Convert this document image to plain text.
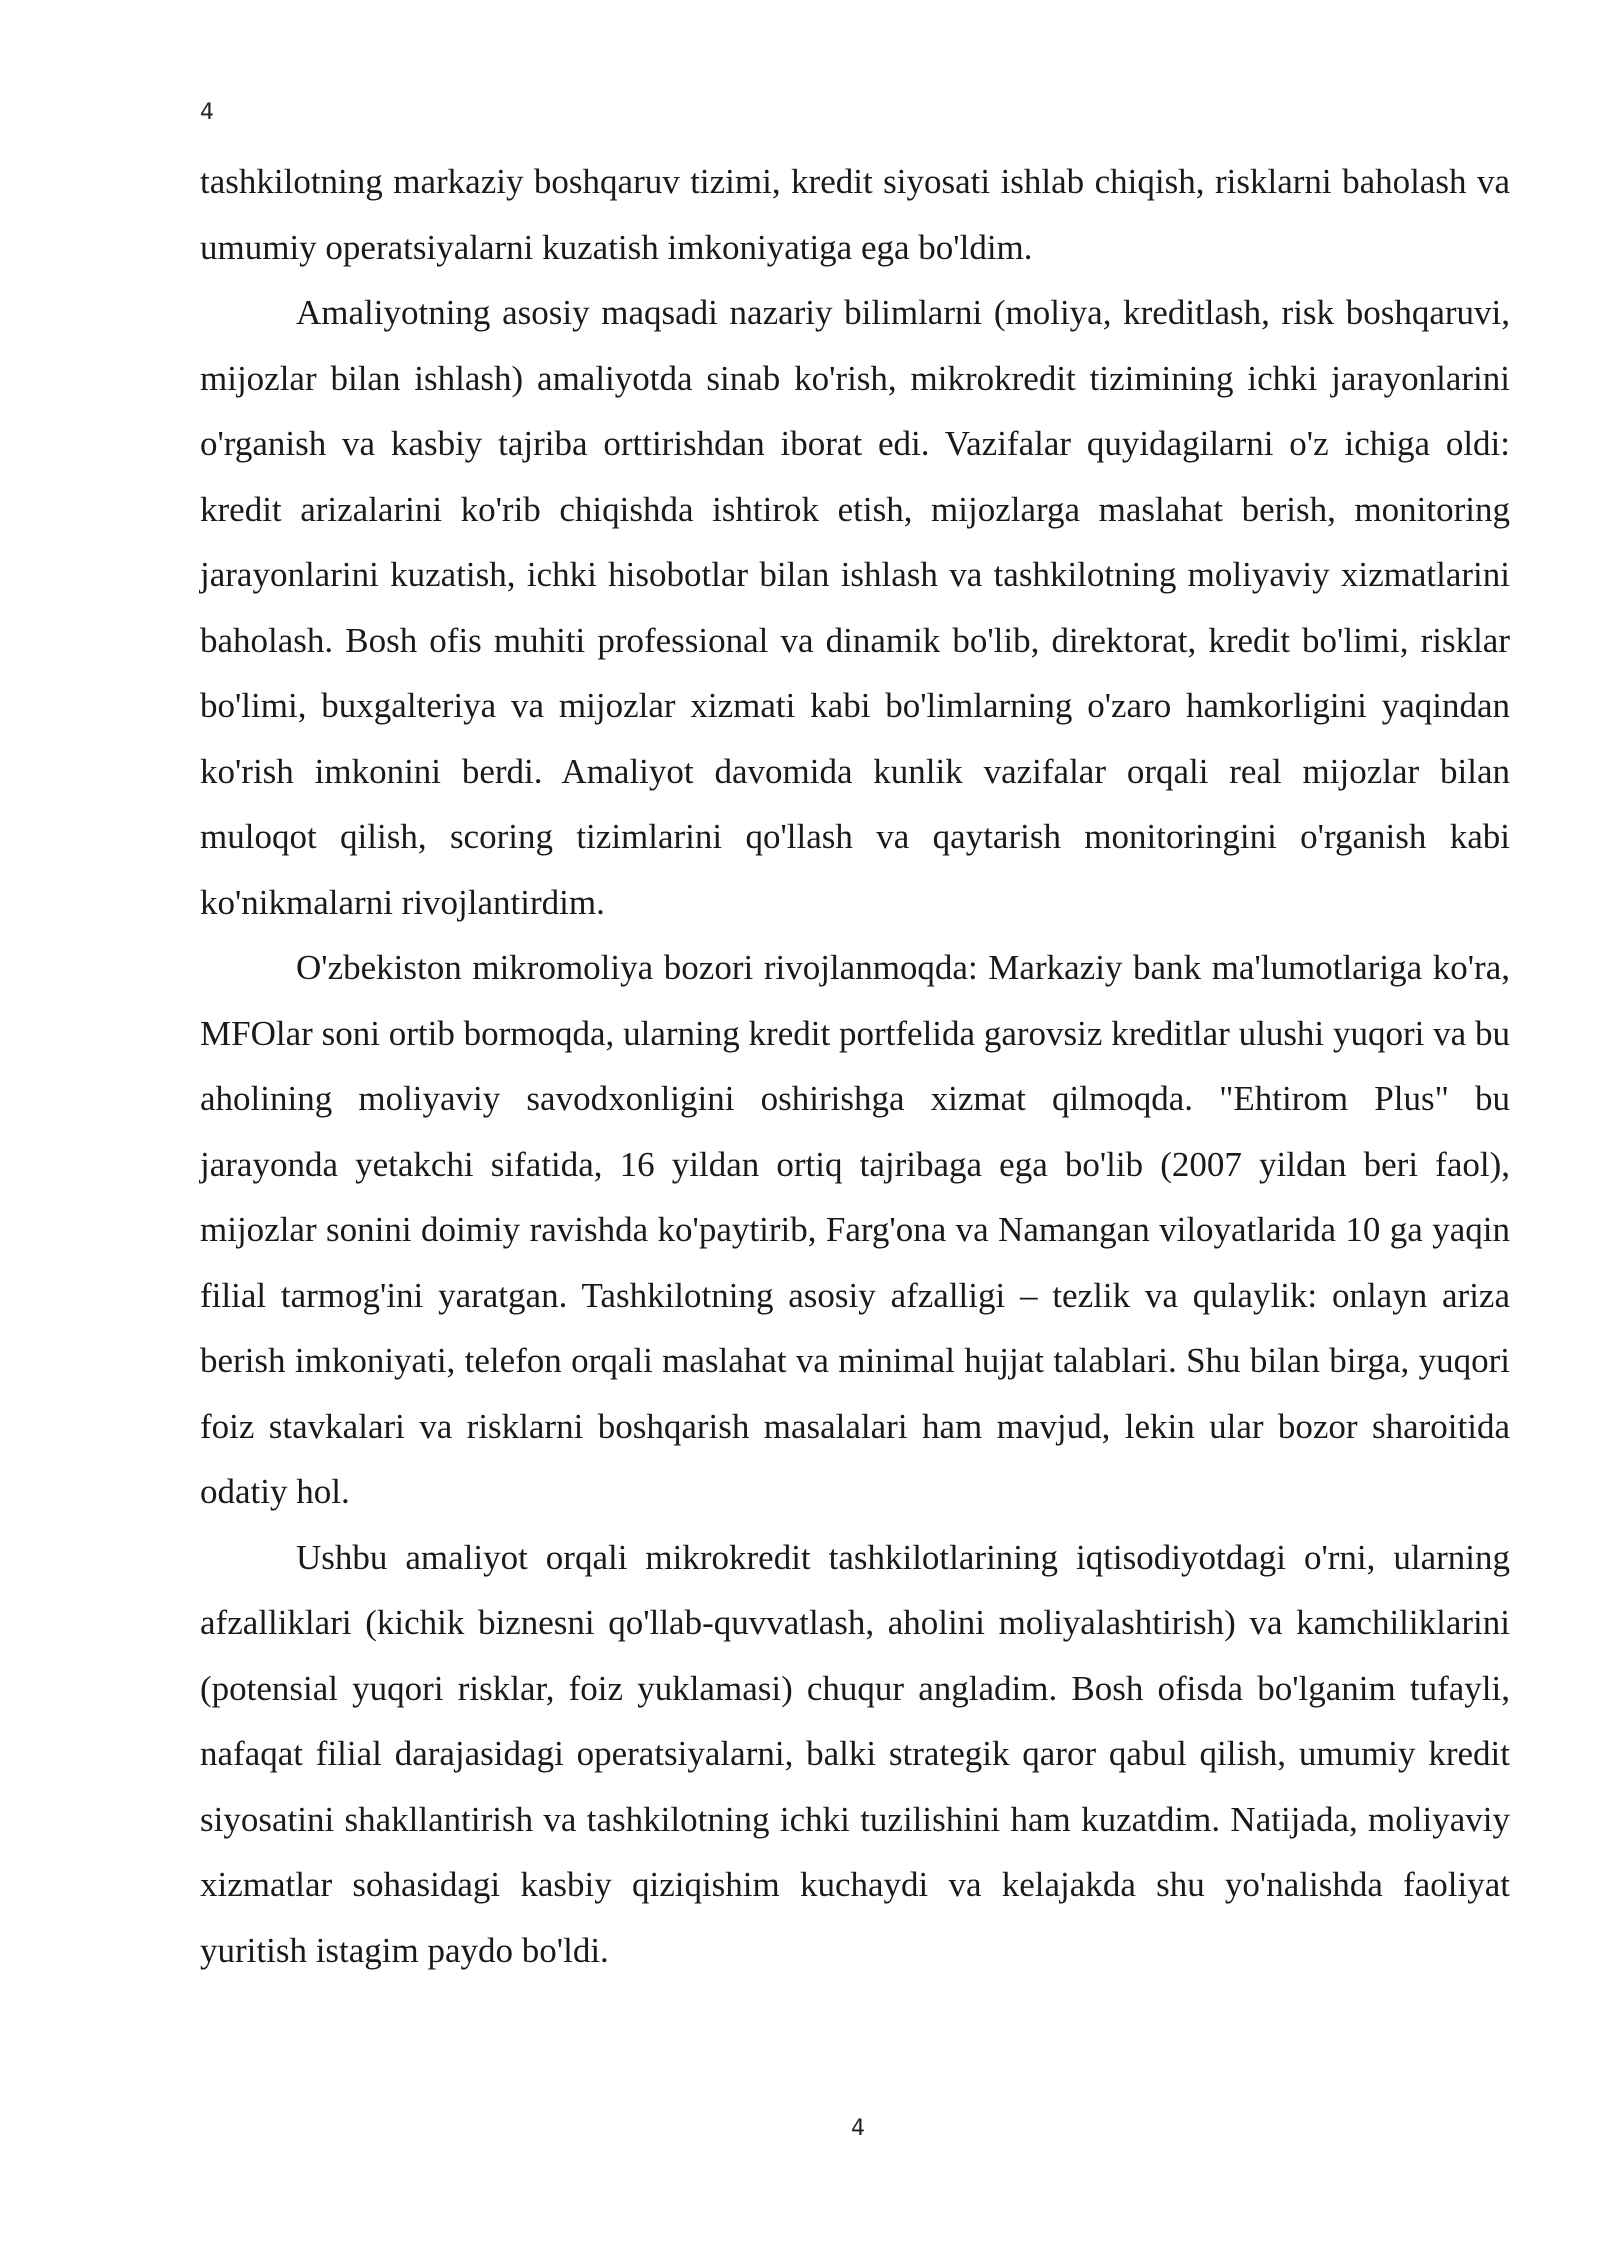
4

tashkilotning markaziy boshqaruv tizimi, kredit siyosati ishlab chiqish, risklarni baholash va umumiy operatsiyalarni kuzatish imkoniyatiga ega bo'ldim.

Amaliyotning asosiy maqsadi nazariy bilimlarni (moliya, kreditlash, risk boshqaruvi, mijozlar bilan ishlash) amaliyotda sinab ko'rish, mikrokredit tizimining ichki jarayonlarini o'rganish va kasbiy tajriba orttirishdan iborat edi. Vazifalar quyidagilarni o'z ichiga oldi: kredit arizalarini ko'rib chiqishda ishtirok etish, mijozlarga maslahat berish, monitoring jarayonlarini kuzatish, ichki hisobotlar bilan ishlash va tashkilotning moliyaviy xizmatlarini baholash. Bosh ofis muhiti professional va dinamik bo'lib, direktorat, kredit bo'limi, risklar bo'limi, buxgalteriya va mijozlar xizmati kabi bo'limlarning o'zaro hamkorligini yaqindan ko'rish imkonini berdi. Amaliyot davomida kunlik vazifalar orqali real mijozlar bilan muloqot qilish, scoring tizimlarini qo'llash va qaytarish monitoringini o'rganish kabi ko'nikmalarni rivojlantirdim.

O'zbekiston mikromoliya bozori rivojlanmoqda: Markaziy bank ma'lumotlariga ko'ra, MFOlar soni ortib bormoqda, ularning kredit portfelida garovsiz kreditlar ulushi yuqori va bu aholining moliyaviy savodxonligini oshirishga xizmat qilmoqda. "Ehtirom Plus" bu jarayonda yetakchi sifatida, 16 yildan ortiq tajribaga ega bo'lib (2007 yildan beri faol), mijozlar sonini doimiy ravishda ko'paytirib, Farg'ona va Namangan viloyatlarida 10 ga yaqin filial tarmog'ini yaratgan. Tashkilotning asosiy afzalligi – tezlik va qulaylik: onlayn ariza berish imkoniyati, telefon orqali maslahat va minimal hujjat talablari. Shu bilan birga, yuqori foiz stavkalari va risklarni boshqarish masalalari ham mavjud, lekin ular bozor sharoitida odatiy hol.

Ushbu amaliyot orqali mikrokredit tashkilotlarining iqtisodiyotdagi o'rni, ularning afzalliklari (kichik biznesni qo'llab-quvvatlash, aholini moliyalashtirish) va kamchiliklarini (potensial yuqori risklar, foiz yuklamasi) chuqur angladim. Bosh ofisda bo'lganim tufayli, nafaqat filial darajasidagi operatsiyalarni, balki strategik qaror qabul qilish, umumiy kredit siyosatini shakllantirish va tashkilotning ichki tuzilishini ham kuzatdim. Natijada, moliyaviy xizmatlar sohasidagi kasbiy qiziqishim kuchaydi va kelajakda shu yo'nalishda faoliyat yuritish istagim paydo bo'ldi.

4
